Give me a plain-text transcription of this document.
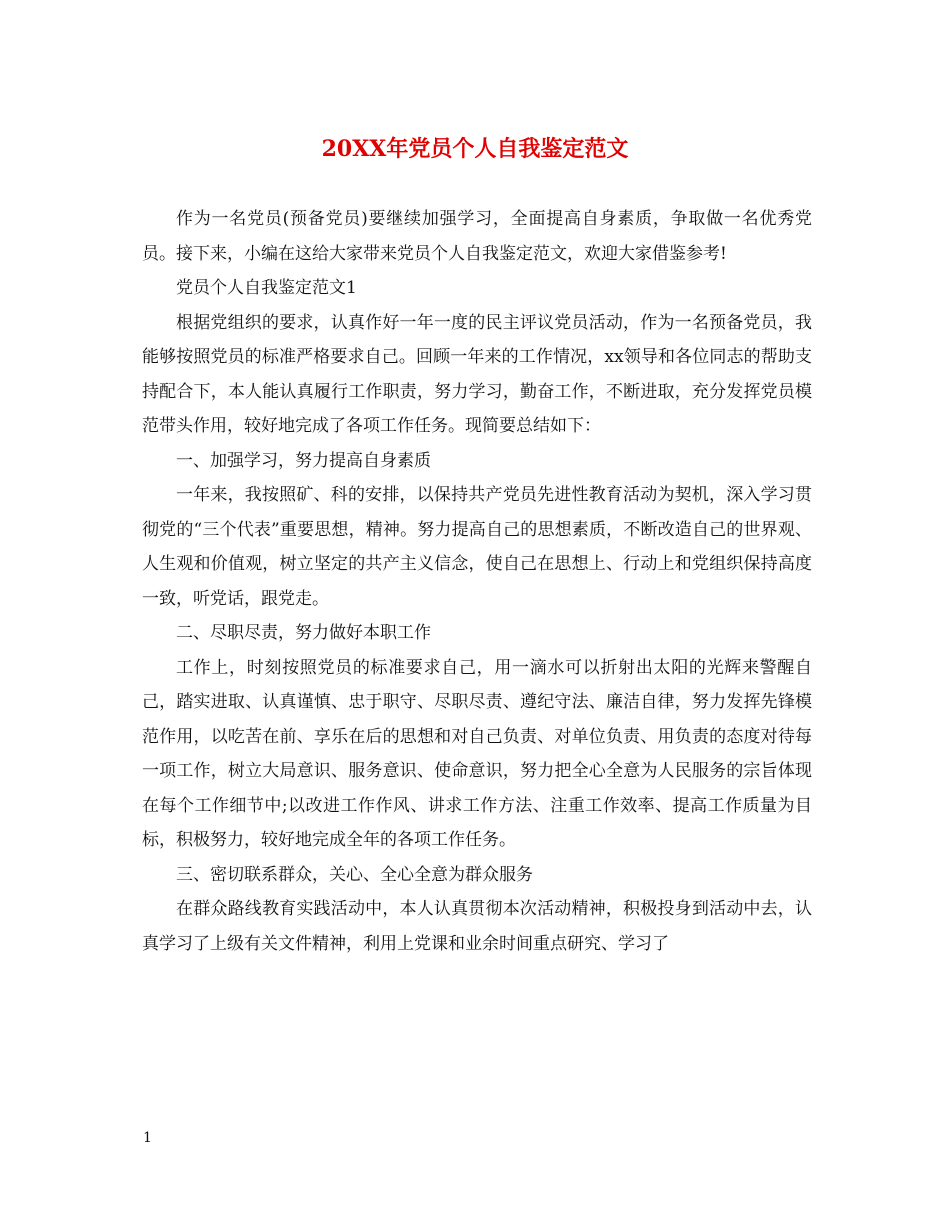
20XX年党员个人自我鉴定范文

作为一名党员(预备党员)要继续加强学习，全面提高自身素质，争取做一名优秀党员。接下来，小编在这给大家带来党员个人自我鉴定范文，欢迎大家借鉴参考!

党员个人自我鉴定范文1

根据党组织的要求，认真作好一年一度的民主评议党员活动，作为一名预备党员，我能够按照党员的标准严格要求自己。回顾一年来的工作情况，xx领导和各位同志的帮助支持配合下，本人能认真履行工作职责，努力学习，勤奋工作，不断进取，充分发挥党员模范带头作用，较好地完成了各项工作任务。现简要总结如下：

一、加强学习，努力提高自身素质

一年来，我按照矿、科的安排，以保持共产党员先进性教育活动为契机，深入学习贯彻党的“三个代表”重要思想，精神。努力提高自己的思想素质，不断改造自己的世界观、人生观和价值观，树立坚定的共产主义信念，使自己在思想上、行动上和党组织保持高度一致，听党话，跟党走。

二、尽职尽责，努力做好本职工作

工作上，时刻按照党员的标准要求自己，用一滴水可以折射出太阳的光辉来警醒自己，踏实进取、认真谨慎、忠于职守、尽职尽责、遵纪守法、廉洁自律，努力发挥先锋模范作用，以吃苦在前、享乐在后的思想和对自己负责、对单位负责、用负责的态度对待每一项工作，树立大局意识、服务意识、使命意识，努力把全心全意为人民服务的宗旨体现在每个工作细节中;以改进工作作风、讲求工作方法、注重工作效率、提高工作质量为目标，积极努力，较好地完成全年的各项工作任务。

三、密切联系群众，关心、全心全意为群众服务

在群众路线教育实践活动中，本人认真贯彻本次活动精神，积极投身到活动中去，认真学习了上级有关文件精神，利用上党课和业余时间重点研究、学习了

1
